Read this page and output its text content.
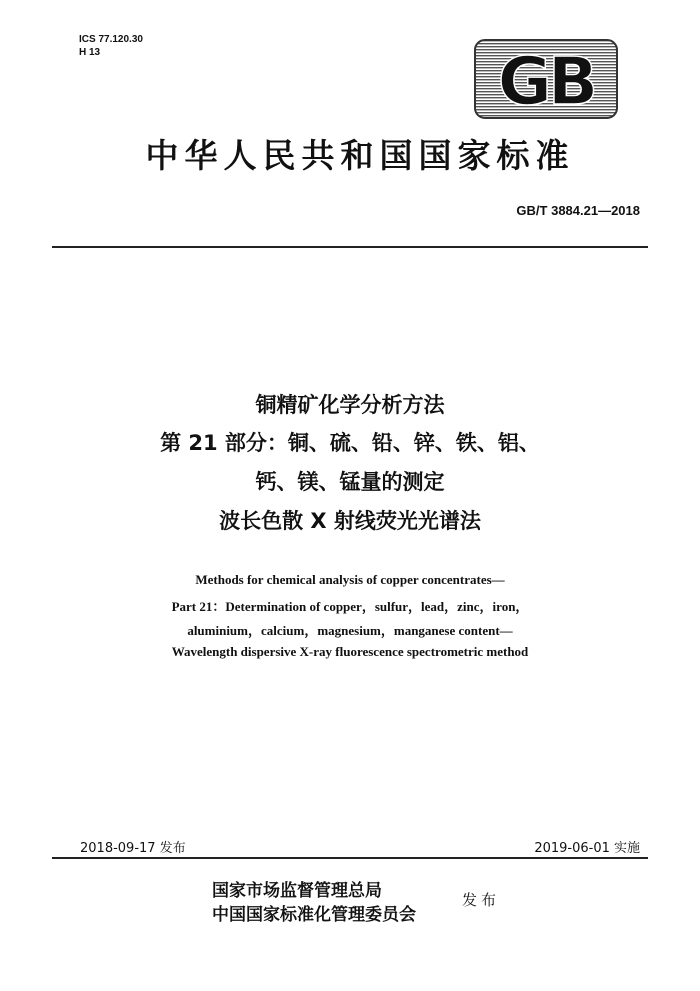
ICS 77.120.30
H 13	GB
中华人民共和国国家标准
GB/T 3884.21—2018
铜精矿化学分析方法
第 21 部分：铜、硫、铅、锌、铁、铝、
钙、镁、锰量的测定
波长色散 X 射线荧光光谱法
Methods for chemical analysis of copper concentrates—
Part 21：Determination of copper，sulfur，lead，zinc，iron，
aluminium，calcium，magnesium，manganese content—
Wavelength dispersive X-ray fluorescence spectrometric method
2018-09-17 发布	2019-06-01 实施
国家市场监督管理总局
中国国家标准化管理委员会
发布
